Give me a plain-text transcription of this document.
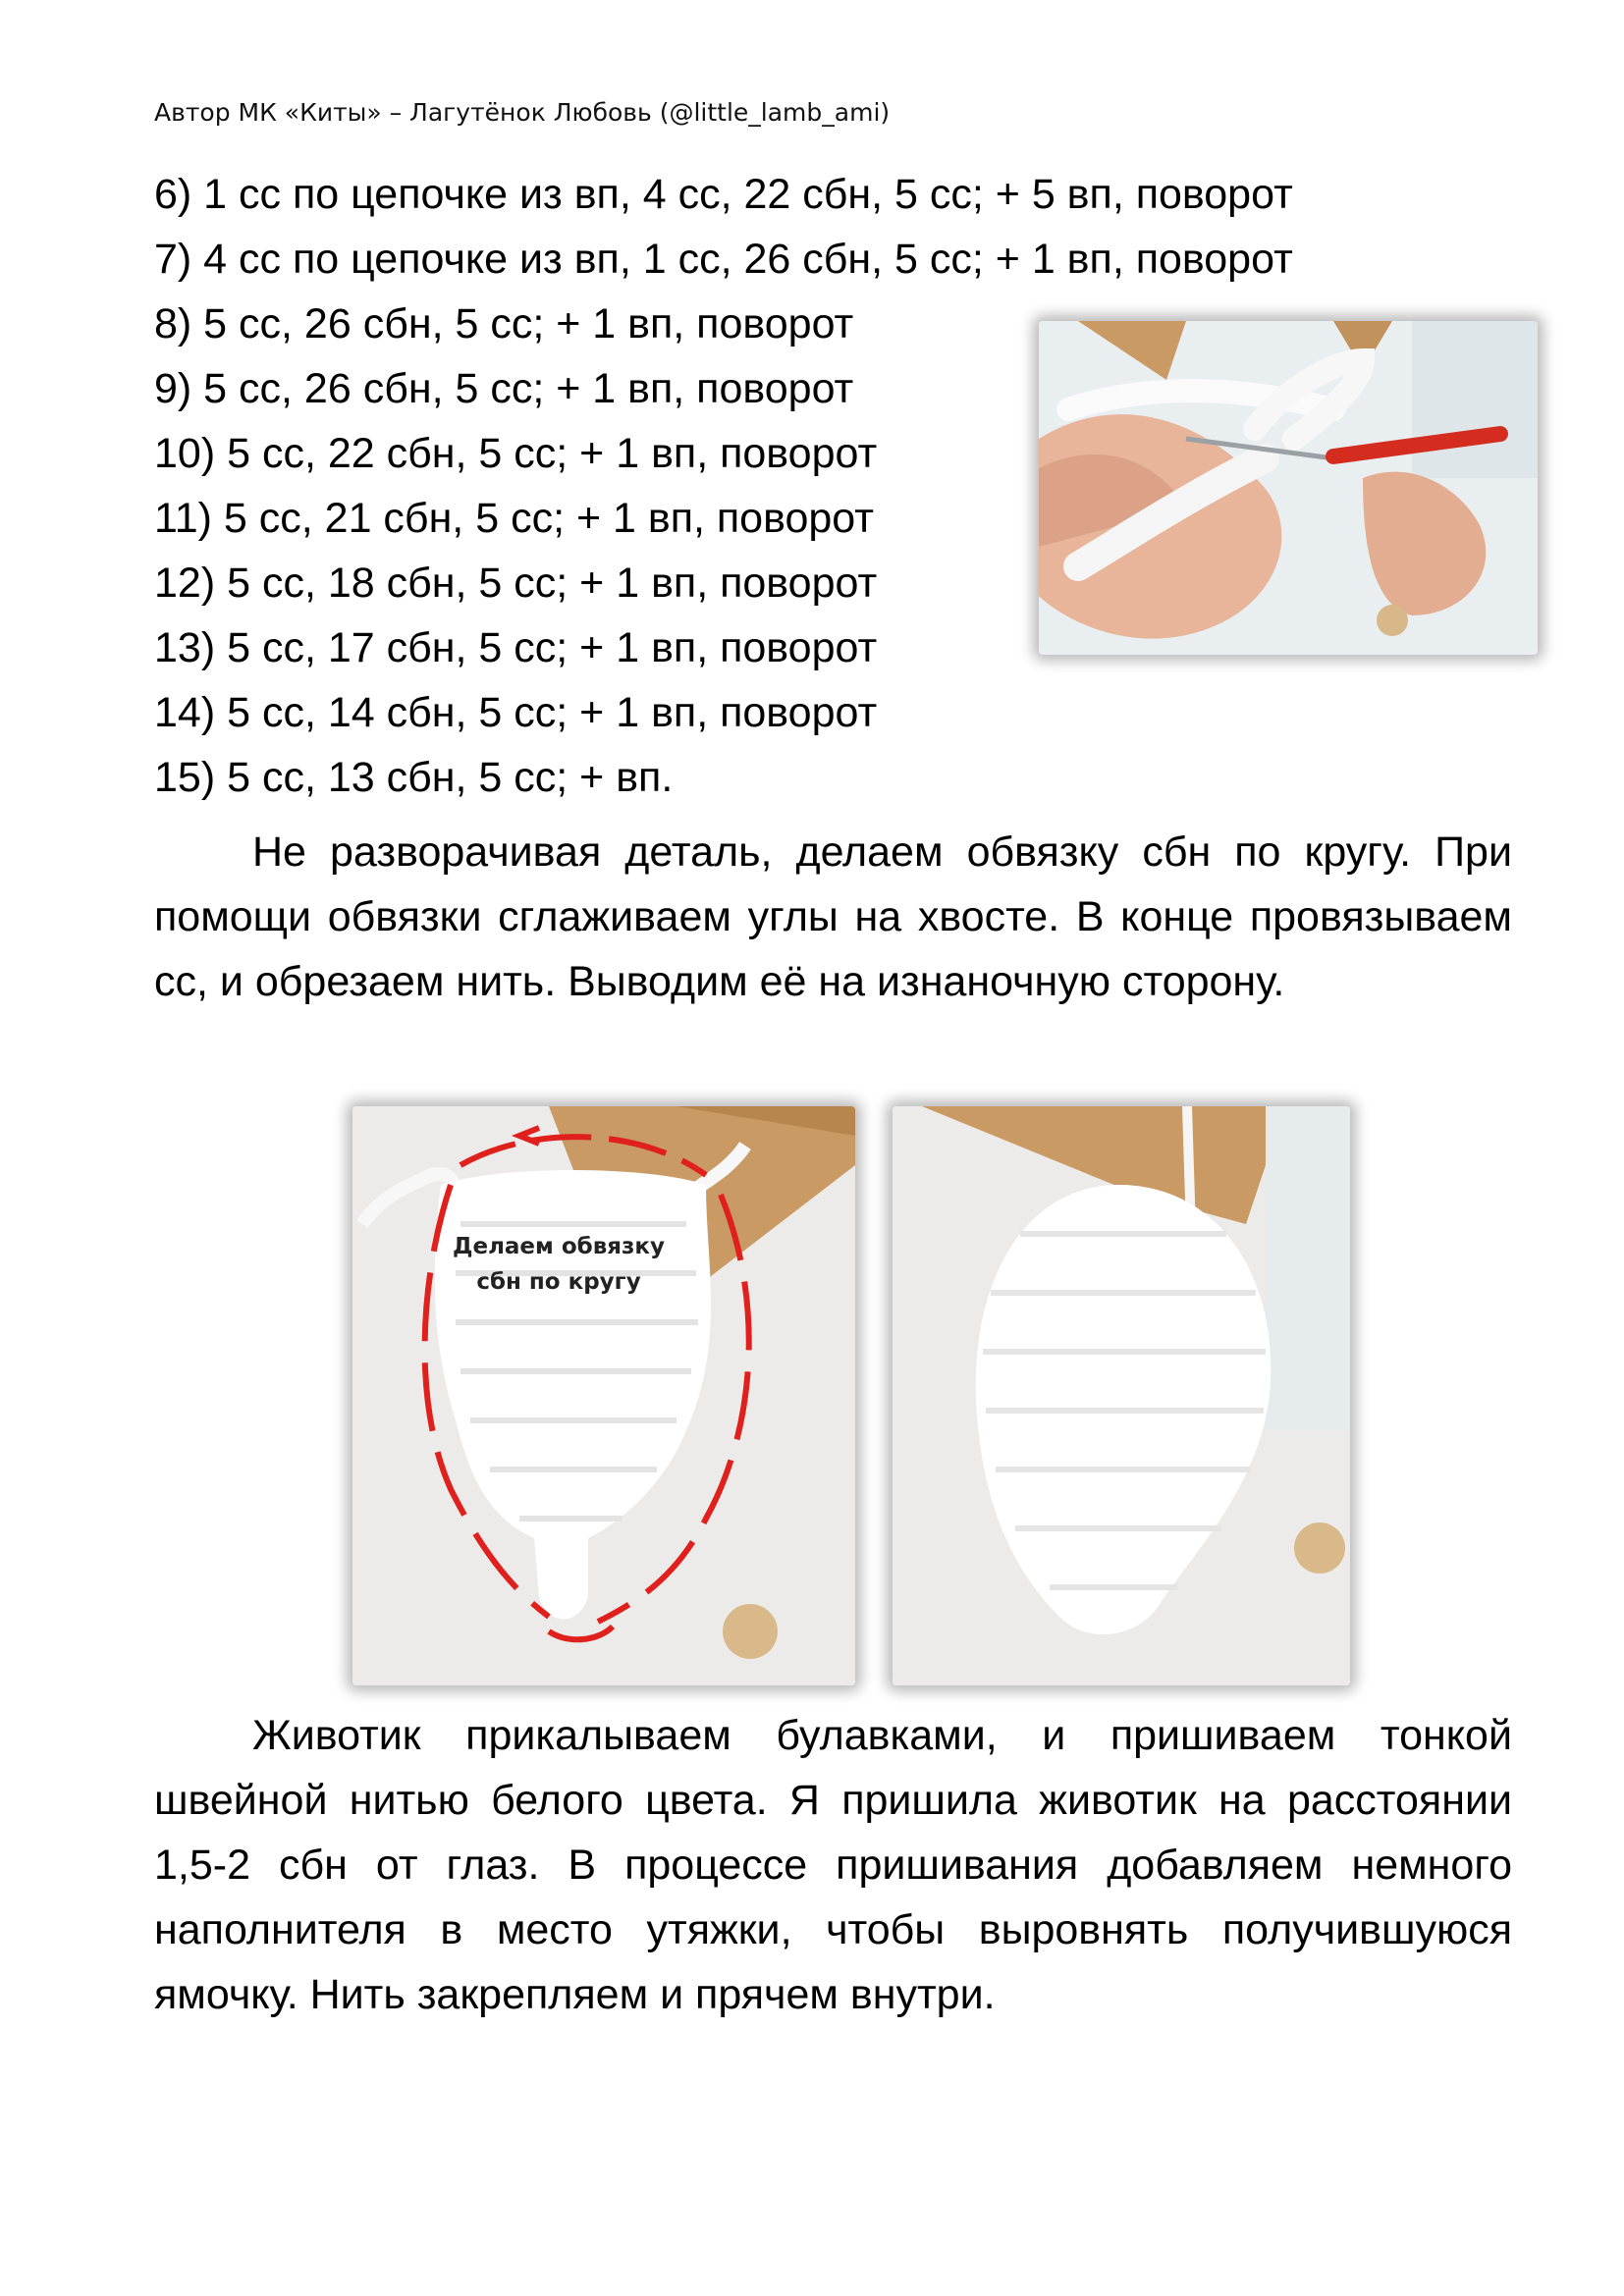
Автор МК «Киты» – Лагутёнок Любовь (@little_lamb_ami)
6) 1 сс по цепочке из вп, 4 сс, 22 сбн, 5 сс; + 5 вп, поворот
7) 4 сс по цепочке из вп, 1 сс, 26 сбн, 5 сс; + 1 вп, поворот
8) 5 сс, 26 сбн, 5 сс; + 1 вп, поворот
9) 5 сс, 26 сбн, 5 сс; + 1 вп, поворот
10) 5 сс, 22 сбн, 5 сс; + 1 вп, поворот
11) 5 сс, 21 сбн, 5 сс; + 1 вп, поворот
12) 5 сс, 18 сбн, 5 сс; + 1 вп, поворот
13) 5 сс, 17 сбн, 5 сс; + 1 вп, поворот
14) 5 сс, 14 сбн, 5 сс; + 1 вп, поворот
15) 5 сс, 13 сбн, 5 сс; + вп.
Не разворачивая деталь, делаем обвязку сбн по кругу. При помощи обвязки сглаживаем углы на хвосте. В конце провязываем сс, и обрезаем нить. Выводим её на изнаночную сторону.
Делаем обвязку
сбн по кругу
Животик прикалываем булавками, и пришиваем тонкой швейной нитью белого цвета. Я пришила животик на расстоянии 1,5-2 сбн от глаз. В процессе пришивания добавляем немного наполнителя в место утяжки, чтобы выровнять получившуюся ямочку. Нить закрепляем и прячем внутри.
